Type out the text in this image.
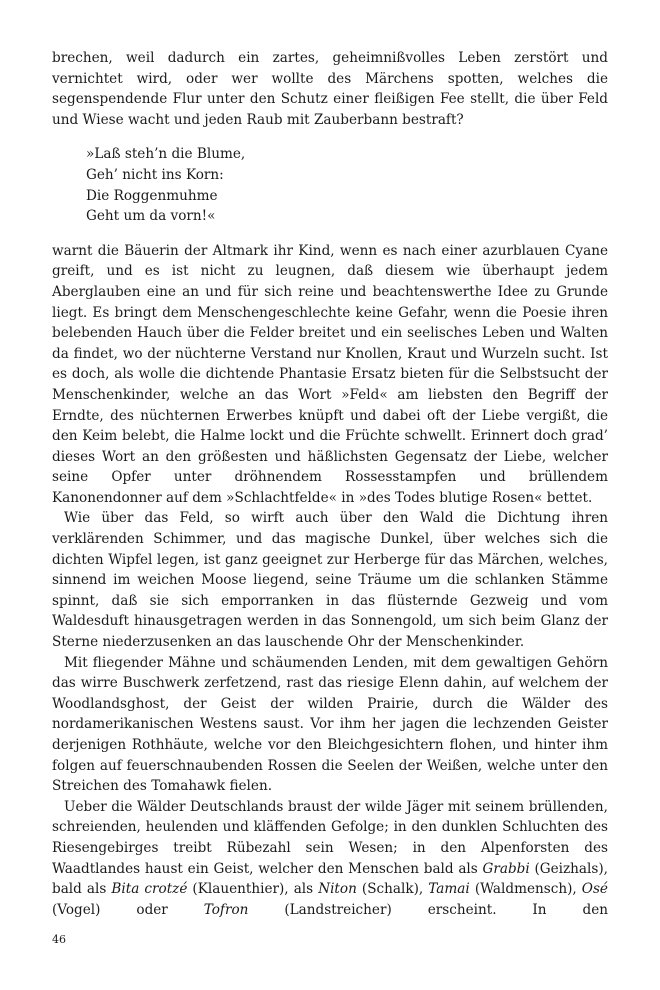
brechen, weil dadurch ein zartes, geheimnißvolles Leben zerstört und vernichtet wird, oder wer wollte des Märchens spotten, welches die segenspendende Flur unter den Schutz einer fleißigen Fee stellt, die über Feld und Wiese wacht und jeden Raub mit Zauberbann bestraft?

»Laß steh’n die Blume,
Geh’ nicht ins Korn:
Die Roggenmuhme
Geht um da vorn!«

warnt die Bäuerin der Altmark ihr Kind, wenn es nach einer azurblauen Cyane greift, und es ist nicht zu leugnen, daß diesem wie überhaupt jedem Aberglauben eine an und für sich reine und beachtenswerthe Idee zu Grunde liegt. Es bringt dem Menschengeschlechte keine Gefahr, wenn die Poesie ihren belebenden Hauch über die Felder breitet und ein seelisches Leben und Walten da findet, wo der nüchterne Verstand nur Knollen, Kraut und Wurzeln sucht. Ist es doch, als wolle die dichtende Phantasie Ersatz bieten für die Selbstsucht der Menschenkinder, welche an das Wort »Feld« am liebsten den Begriff der Erndte, des nüchternen Erwerbes knüpft und dabei oft der Liebe vergißt, die den Keim belebt, die Halme lockt und die Früchte schwellt. Erinnert doch grad’ dieses Wort an den größesten und häßlichsten Gegensatz der Liebe, welcher seine Opfer unter dröhnendem Rossesstampfen und brüllendem Kanonendonner auf dem »Schlachtfelde« in »des Todes blutige Rosen« bettet.

Wie über das Feld, so wirft auch über den Wald die Dichtung ihren verklärenden Schimmer, und das magische Dunkel, über welches sich die dichten Wipfel legen, ist ganz geeignet zur Herberge für das Märchen, welches, sinnend im weichen Moose liegend, seine Träume um die schlanken Stämme spinnt, daß sie sich emporranken in das flüsternde Gezweig und vom Waldesduft hinausgetragen werden in das Sonnengold, um sich beim Glanz der Sterne niederzusenken an das lauschende Ohr der Menschenkinder.

Mit fliegender Mähne und schäumenden Lenden, mit dem gewaltigen Gehörn das wirre Buschwerk zerfetzend, rast das riesige Elenn dahin, auf welchem der Woodlandsghost, der Geist der wilden Prairie, durch die Wälder des nordamerikanischen Westens saust. Vor ihm her jagen die lechzenden Geister derjenigen Rothhäute, welche vor den Bleichgesichtern flohen, und hinter ihm folgen auf feuerschnaubenden Rossen die Seelen der Weißen, welche unter den Streichen des Tomahawk fielen.

Ueber die Wälder Deutschlands braust der wilde Jäger mit seinem brüllenden, schreienden, heulenden und kläffenden Gefolge; in den dunklen Schluchten des Riesengebirges treibt Rübezahl sein Wesen; in den Alpenforsten des Waadtlandes haust ein Geist, welcher den Menschen bald als Grabbi (Geizhals), bald als Bita crotzé (Klauenthier), als Niton (Schalk), Tamai (Waldmensch), Osé (Vogel) oder Tofron (Landstreicher) erscheint. In den

46
